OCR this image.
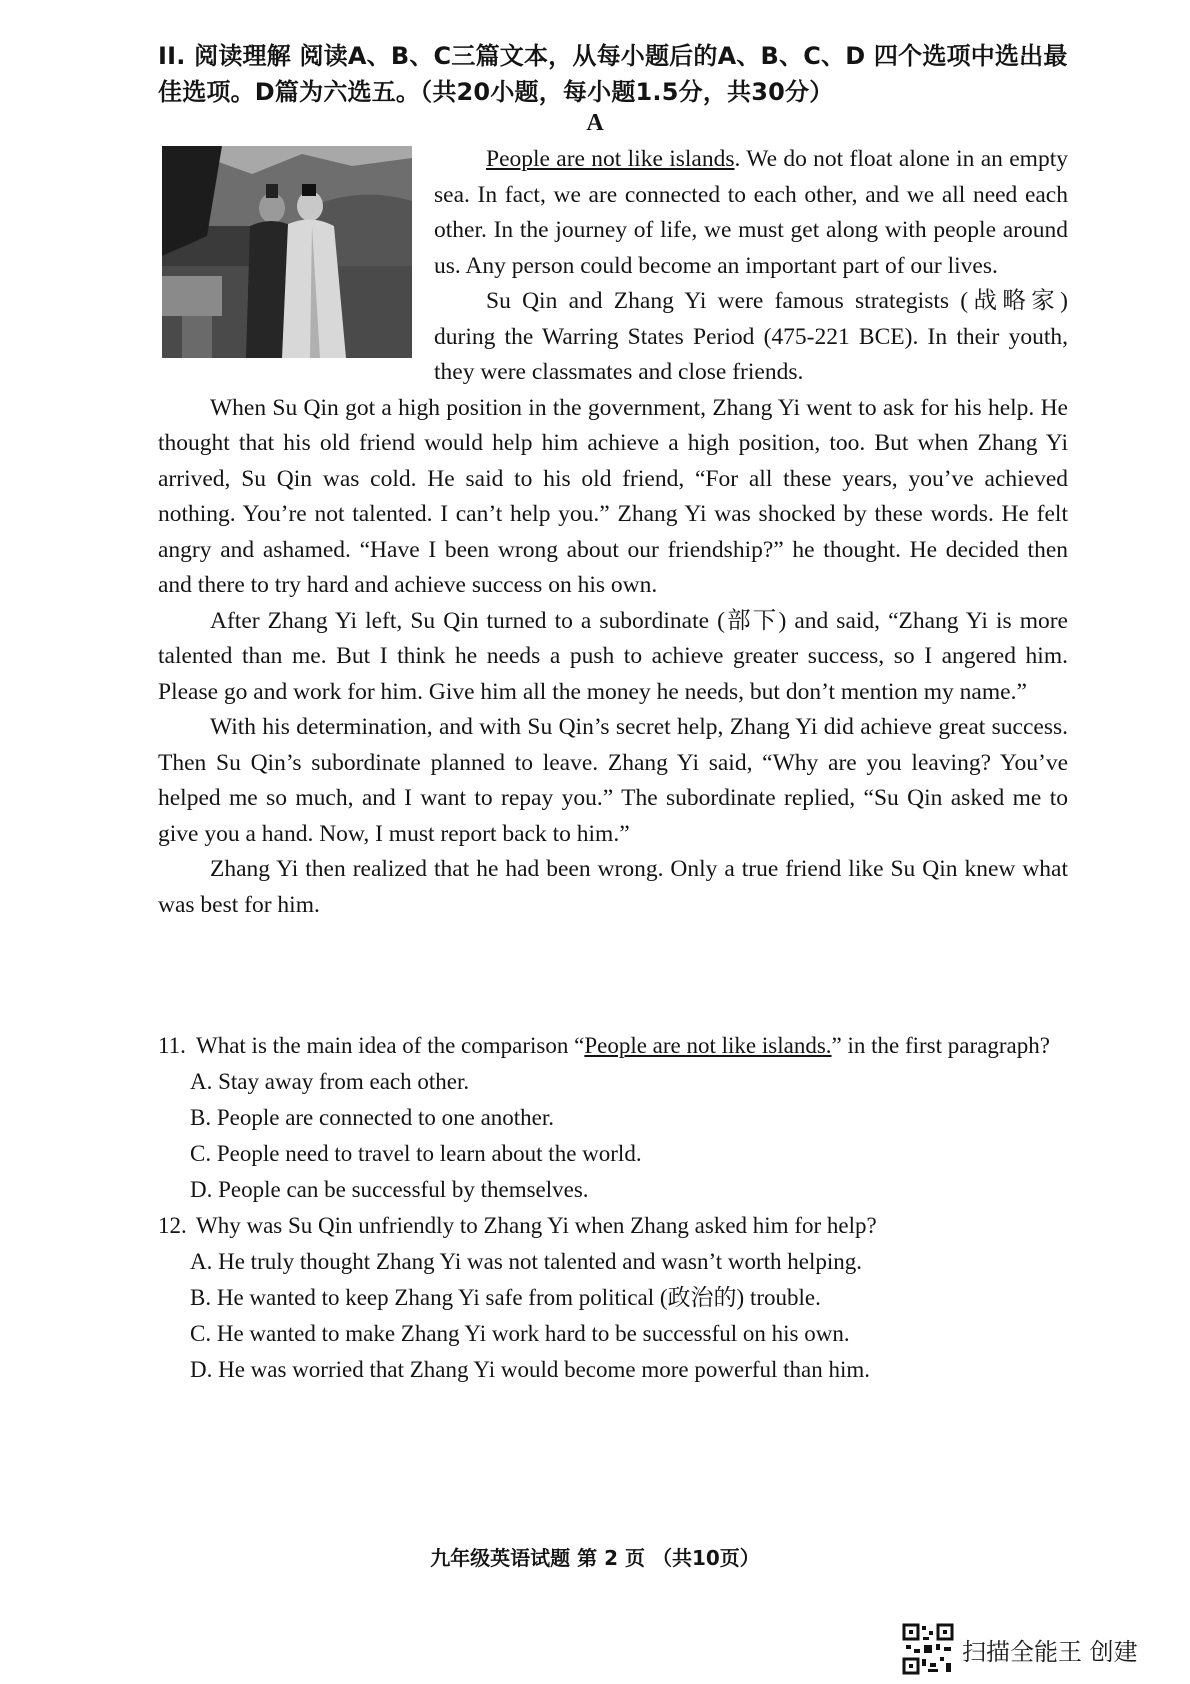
II. 阅读理解 阅读A、B、C三篇文本，从每小题后的A、B、C、D 四个选项中选出最佳选项。D篇为六选五。（共20小题，每小题1.5分，共30分）

A

People are not like islands. We do not float alone in an empty sea. In fact, we are connected to each other, and we all need each other. In the journey of life, we must get along with people around us. Any person could become an important part of our lives.

Su Qin and Zhang Yi were famous strategists (战略家) during the Warring States Period (475-221 BCE). In their youth, they were classmates and close friends.

When Su Qin got a high position in the government, Zhang Yi went to ask for his help. He thought that his old friend would help him achieve a high position, too. But when Zhang Yi arrived, Su Qin was cold. He said to his old friend, “For all these years, you’ve achieved nothing. You’re not talented. I can’t help you.” Zhang Yi was shocked by these words. He felt angry and ashamed. “Have I been wrong about our friendship?” he thought. He decided then and there to try hard and achieve success on his own.

After Zhang Yi left, Su Qin turned to a subordinate (部下) and said, “Zhang Yi is more talented than me. But I think he needs a push to achieve greater success, so I angered him. Please go and work for him. Give him all the money he needs, but don’t mention my name.”

With his determination, and with Su Qin’s secret help, Zhang Yi did achieve great success. Then Su Qin’s subordinate planned to leave. Zhang Yi said, “Why are you leaving? You’ve helped me so much, and I want to repay you.” The subordinate replied, “Su Qin asked me to give you a hand. Now, I must report back to him.”

Zhang Yi then realized that he had been wrong. Only a true friend like Su Qin knew what was best for him.

11. What is the main idea of the comparison “People are not like islands.” in the first paragraph?

A. Stay away from each other.

B. People are connected to one another.

C. People need to travel to learn about the world.

D. People can be successful by themselves.

12. Why was Su Qin unfriendly to Zhang Yi when Zhang asked him for help?

A. He truly thought Zhang Yi was not talented and wasn’t worth helping.

B. He wanted to keep Zhang Yi safe from political (政治的) trouble.

C. He wanted to make Zhang Yi work hard to be successful on his own.

D. He was worried that Zhang Yi would become more powerful than him.

九年级英语试题 第 2 页 （共10页）
扫描全能王 创建
